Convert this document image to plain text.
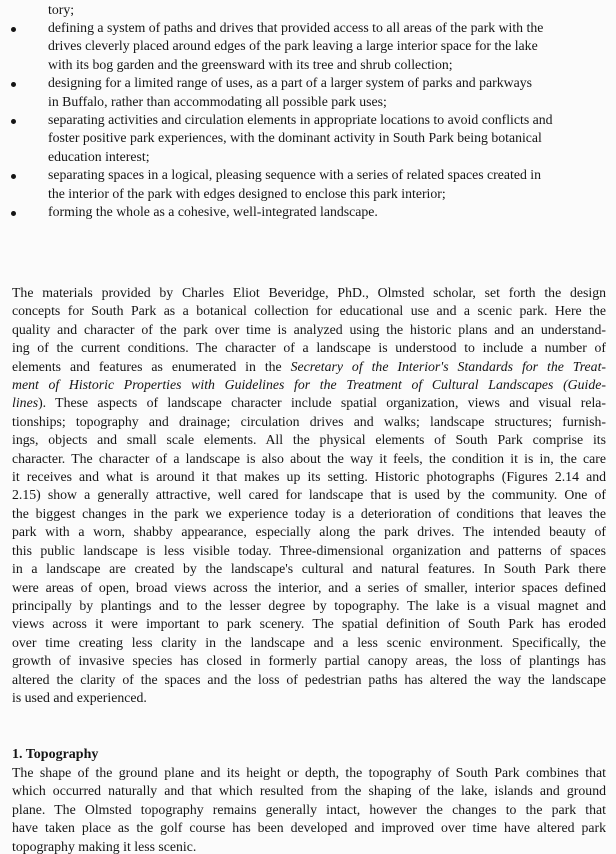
tory;
defining a system of paths and drives that provided access to all areas of the park with the
drives cleverly placed around edges of the park leaving a large interior space for the lake
with its bog garden and the greensward with its tree and shrub collection;
designing for a limited range of uses, as a part of a larger system of parks and parkways
in Buffalo, rather than accommodating all possible park uses;
separating activities and circulation elements in appropriate locations to avoid conflicts and
foster positive park experiences, with the dominant activity in South Park being botanical
education interest;
separating spaces in a logical, pleasing sequence with a series of related spaces created in
the interior of the park with edges designed to enclose this park interior;
forming the whole as a cohesive, well-integrated landscape.
The materials provided by Charles Eliot Beveridge, PhD., Olmsted scholar, set forth the design
concepts for South Park as a botanical collection for educational use and a scenic park. Here the
quality and character of the park over time is analyzed using the historic plans and an understand-
ing of the current conditions. The character of a landscape is understood to include a number of
elements and features as enumerated in the Secretary of the Interior's Standards for the Treat-
ment of Historic Properties with Guidelines for the Treatment of Cultural Landscapes (Guide-
lines). These aspects of landscape character include spatial organization, views and visual rela-
tionships; topography and drainage; circulation drives and walks; landscape structures; furnish-
ings, objects and small scale elements. All the physical elements of South Park comprise its
character. The character of a landscape is also about the way it feels, the condition it is in, the care
it receives and what is around it that makes up its setting. Historic photographs (Figures 2.14 and
2.15) show a generally attractive, well cared for landscape that is used by the community. One of
the biggest changes in the park we experience today is a deterioration of conditions that leaves the
park with a worn, shabby appearance, especially along the park drives. The intended beauty of
this public landscape is less visible today. Three-dimensional organization and patterns of spaces
in a landscape are created by the landscape's cultural and natural features. In South Park there
were areas of open, broad views across the interior, and a series of smaller, interior spaces defined
principally by plantings and to the lesser degree by topography. The lake is a visual magnet and
views across it were important to park scenery. The spatial definition of South Park has eroded
over time creating less clarity in the landscape and a less scenic environment. Specifically, the
growth of invasive species has closed in formerly partial canopy areas, the loss of plantings has
altered the clarity of the spaces and the loss of pedestrian paths has altered the way the landscape
is used and experienced.
1. Topography
The shape of the ground plane and its height or depth, the topography of South Park combines that
which occurred naturally and that which resulted from the shaping of the lake, islands and ground
plane. The Olmsted topography remains generally intact, however the changes to the park that
have taken place as the golf course has been developed and improved over time have altered park
topography making it less scenic.
